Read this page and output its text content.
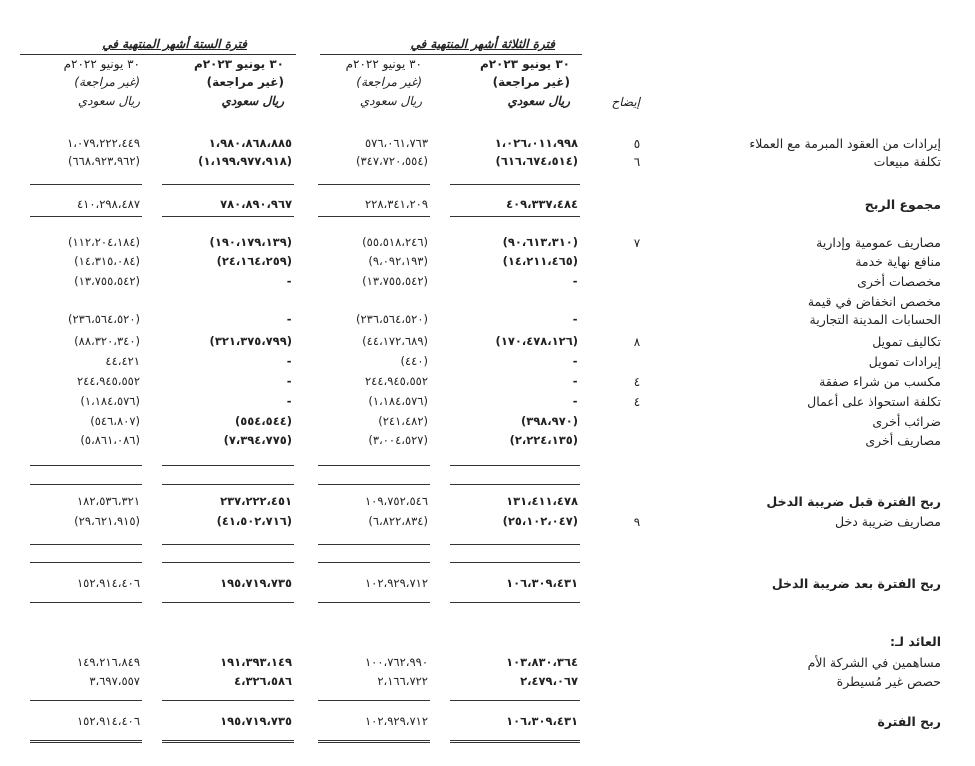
فترة الثلاثة أشهر المنتهية في
فترة الستة أشهر المنتهية في
٣٠ يونيو ٢٠٢٣م
(غير مراجعة)
ريال سعودي
٣٠ يونيو ٢٠٢٢م
(غير مراجعة)
ريال سعودي
٣٠ يونيو ٢٠٢٣م
(غير مراجعة)
ريال سعودي
٣٠ يونيو ٢٠٢٢م
(غير مراجعة)
ريال سعودي	إيضاح
إيرادات من العقود المبرمة مع العملاء
٥
١،٠٢٦،٠١١،٩٩٨
٥٧٦،٠٦١،٧٦٣
١،٩٨٠،٨٦٨،٨٨٥
١،٠٧٩،٢٢٢،٤٤٩
تكلفة مبيعات
٦
(٦١٦،٦٧٤،٥١٤)
(٣٤٧،٧٢٠،٥٥٤)
(١،١٩٩،٩٧٧،٩١٨)
(٦٦٨،٩٢٣،٩٦٢)
مجموع الربح
٤٠٩،٣٣٧،٤٨٤
٢٢٨،٣٤١،٢٠٩
٧٨٠،٨٩٠،٩٦٧
٤١٠،٢٩٨،٤٨٧
مصاريف عمومية وإدارية
٧
(٩٠،٦١٣،٣١٠)
(٥٥،٥١٨،٢٤٦)
(١٩٠،١٧٩،١٣٩)
(١١٢،٢٠٤،١٨٤)
منافع نهاية خدمة
(١٤،٢١١،٤٦٥)
(٩،٠٩٢،١٩٣)
(٢٤،١٦٤،٢٥٩)
(١٤،٣١٥،٠٨٤)
مخصصات أخرى
-
(١٣،٧٥٥،٥٤٢)
-
(١٣،٧٥٥،٥٤٢)
مخصص انخفاض في قيمة
الحسابات المدينة التجارية
-
(٢٣٦،٥٦٤،٥٢٠)
-
(٢٣٦،٥٦٤،٥٢٠)
تكاليف تمويل
٨
(١٧٠،٤٧٨،١٢٦)
(٤٤،١٧٢،٦٨٩)
(٣٢١،٣٧٥،٧٩٩)
(٨٨،٣٢٠،٣٤٠)
إيرادات تمويل
-
(٤٤٠)
-
٤٤،٤٢١
مكسب من شراء صفقة
٤
-
٢٤٤،٩٤٥،٥٥٢
-
٢٤٤،٩٤٥،٥٥٢
تكلفة استحواذ على أعمال
٤
-
(١،١٨٤،٥٧٦)
-
(١،١٨٤،٥٧٦)
ضرائب أخرى
(٣٩٨،٩٧٠)
(٢٤١،٤٨٢)
(٥٥٤،٥٤٤)
(٥٤٦،٨٠٧)
مصاريف أخرى
(٢،٢٢٤،١٣٥)
(٣،٠٠٤،٥٢٧)
(٧،٣٩٤،٧٧٥)
(٥،٨٦١،٠٨٦)
ربح الفترة قبل ضريبة الدخل
١٣١،٤١١،٤٧٨
١٠٩،٧٥٢،٥٤٦
٢٣٧،٢٢٢،٤٥١
١٨٢،٥٣٦،٣٢١
مصاريف ضريبة دخل
٩
(٢٥،١٠٢،٠٤٧)
(٦،٨٢٢،٨٣٤)
(٤١،٥٠٢،٧١٦)
(٢٩،٦٢١،٩١٥)
ربح الفترة بعد ضريبة الدخل
١٠٦،٣٠٩،٤٣١
١٠٢،٩٢٩،٧١٢
١٩٥،٧١٩،٧٣٥
١٥٢،٩١٤،٤٠٦
العائد لـ:
مساهمين في الشركة الأم
١٠٣،٨٣٠،٣٦٤
١٠٠،٧٦٢،٩٩٠
١٩١،٣٩٣،١٤٩
١٤٩،٢١٦،٨٤٩
حصص غير مُسيطرة
٢،٤٧٩،٠٦٧
٢،١٦٦،٧٢٢
٤،٣٢٦،٥٨٦
٣،٦٩٧،٥٥٧
ربح الفترة
١٠٦،٣٠٩،٤٣١
١٠٢،٩٢٩،٧١٢
١٩٥،٧١٩،٧٣٥
١٥٢،٩١٤،٤٠٦
